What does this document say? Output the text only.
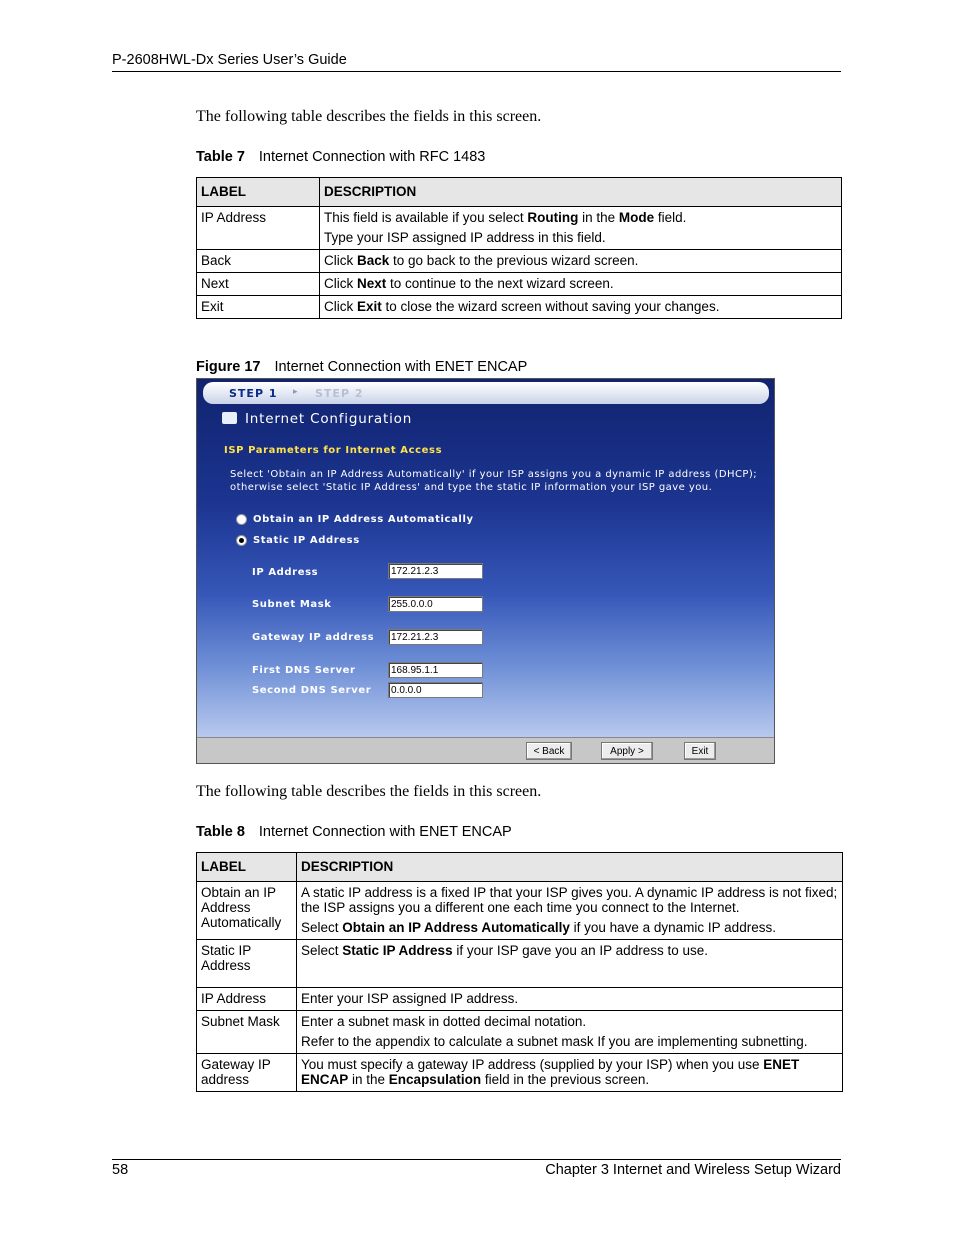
P-2608HWL-Dx Series User’s Guide
The following table describes the fields in this screen.
Table 7 Internet Connection with RFC 1483
LABEL	DESCRIPTION
IP Address	This field is available if you select Routing in the Mode field.

Type your ISP assigned IP address in this field.

Back	Click Back to go back to the previous wizard screen.
Next	Click Next to continue to the next wizard screen.
Exit	Click Exit to close the wizard screen without saving your changes.
Figure 17 Internet Connection with ENET ENCAP
STEP 1 ▸ STEP 2
Internet Configuration
ISP Parameters for Internet Access
Select 'Obtain an IP Address Automatically' if your ISP assigns you a dynamic IP address (DHCP);
otherwise select 'Static IP Address' and type the static IP information your ISP gave you.
Obtain an IP Address Automatically
Static IP Address
IP Address	172.21.2.3
Subnet Mask	255.0.0.0
Gateway IP address	172.21.2.3
First DNS Server	168.95.1.1
Second DNS Server	0.0.0.0
< Back	Apply >	Exit
The following table describes the fields in this screen.
Table 8 Internet Connection with ENET ENCAP
LABEL	DESCRIPTION
Obtain an IP Address Automatically	A static IP address is a fixed IP that your ISP gives you. A dynamic IP address is not fixed; the ISP assigns you a different one each time you connect to the Internet.

Select Obtain an IP Address Automatically if you have a dynamic IP address.

Static IP Address	Select Static IP Address if your ISP gave you an IP address to use.
IP Address	Enter your ISP assigned IP address.
Subnet Mask	Enter a subnet mask in dotted decimal notation.

Refer to the appendix to calculate a subnet mask If you are implementing subnetting.

Gateway IP address	You must specify a gateway IP address (supplied by your ISP) when you use ENET ENCAP in the Encapsulation field in the previous screen.
58	Chapter 3 Internet and Wireless Setup Wizard
